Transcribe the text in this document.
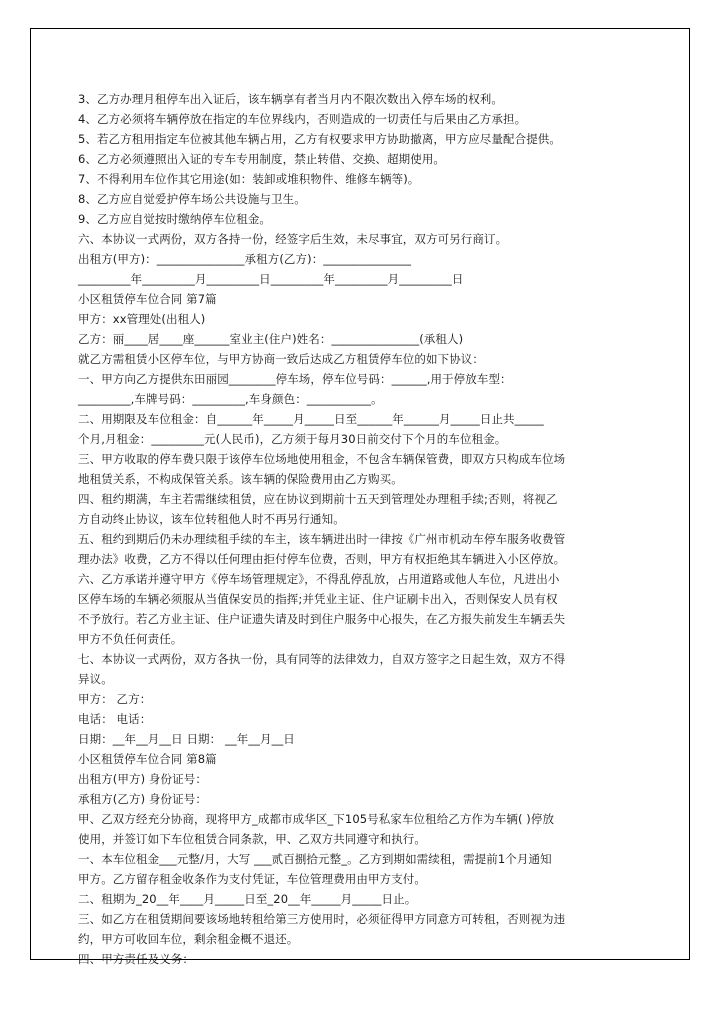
3、乙方办理月租停车出入证后，该车辆享有者当月内不限次数出入停车场的权利。
4、乙方必须将车辆停放在指定的车位界线内，否则造成的一切责任与后果由乙方承担。
5、若乙方租用指定车位被其他车辆占用，乙方有权要求甲方协助撤离，甲方应尽量配合提供。
6、乙方必须遵照出入证的专车专用制度，禁止转借、交换、超期使用。
7、不得利用车位作其它用途(如：装卸或堆积物件、维修车辆等)。
8、乙方应自觉爱护停车场公共设施与卫生。
9、乙方应自觉按时缴纳停车位租金。
六、本协议一式两份，双方各持一份，经签字后生效，未尽事宜，双方可另行商订。
出租方(甲方)：_______________承租方(乙方)：_______________
_________年_________月_________日_________年_________月_________日
小区租赁停车位合同 第7篇
甲方：xx管理处(出租人)
乙方：丽____居____座______室业主(住户)姓名：_______________(承租人)
就乙方需租赁小区停车位，与甲方协商一致后达成乙方租赁停车位的如下协议：
一、甲方向乙方提供东田丽园________停车场，停车位号码：______,用于停放车型：
_________,车牌号码：_________,车身颜色：___________。
二、用期限及车位租金：自______年_____月_____日至______年______月_____日止共_____
个月,月租金：_________元(人民币)，乙方须于每月30日前交付下个月的车位租金。
三、甲方收取的停车费只限于该停车位场地使用租金，不包含车辆保管费，即双方只构成车位场
地租赁关系，不构成保管关系。该车辆的保险费用由乙方购买。
四、租约期满，车主若需继续租赁，应在协议到期前十五天到管理处办理租手续;否则，将视乙
方自动终止协议，该车位转租他人时不再另行通知。
五、租约到期后仍未办理续租手续的车主，该车辆进出时一律按《广州市机动车停车服务收费管
理办法》收费，乙方不得以任何理由拒付停车位费，否则，甲方有权拒绝其车辆进入小区停放。
六、乙方承诺并遵守甲方《停车场管理规定》，不得乱停乱放，占用道路或他人车位，凡进出小
区停车场的车辆必须服从当值保安员的指挥;并凭业主证、住户证刷卡出入，否则保安人员有权
不予放行。若乙方业主证、住户证遗失请及时到住户服务中心报失，在乙方报失前发生车辆丢失
甲方不负任何责任。
七、本协议一式两份，双方各执一份，具有同等的法律效力，自双方签字之日起生效，双方不得
异议。
甲方： 乙方：
电话： 电话：
日期：__年__月__日 日期： __年__月__日
小区租赁停车位合同 第8篇
出租方(甲方) 身份证号：
承租方(乙方) 身份证号：
甲、乙双方经充分协商，现将甲方_成都市成华区_下105号私家车位租给乙方作为车辆( )停放
使用，并签订如下车位租赁合同条款，甲、乙双方共同遵守和执行。
一、本车位租金___元整/月，大写 ___贰百捌拾元整_。乙方到期如需续租，需提前1个月通知
甲方。乙方留存租金收条作为支付凭证，车位管理费用由甲方支付。
二、租期为_20__年____月_____日至_20__年_____月_____日止。
三、如乙方在租赁期间要该场地转租给第三方使用时，必须征得甲方同意方可转租，否则视为违
约，甲方可收回车位，剩余租金概不退还。
四、甲方责任及义务：
